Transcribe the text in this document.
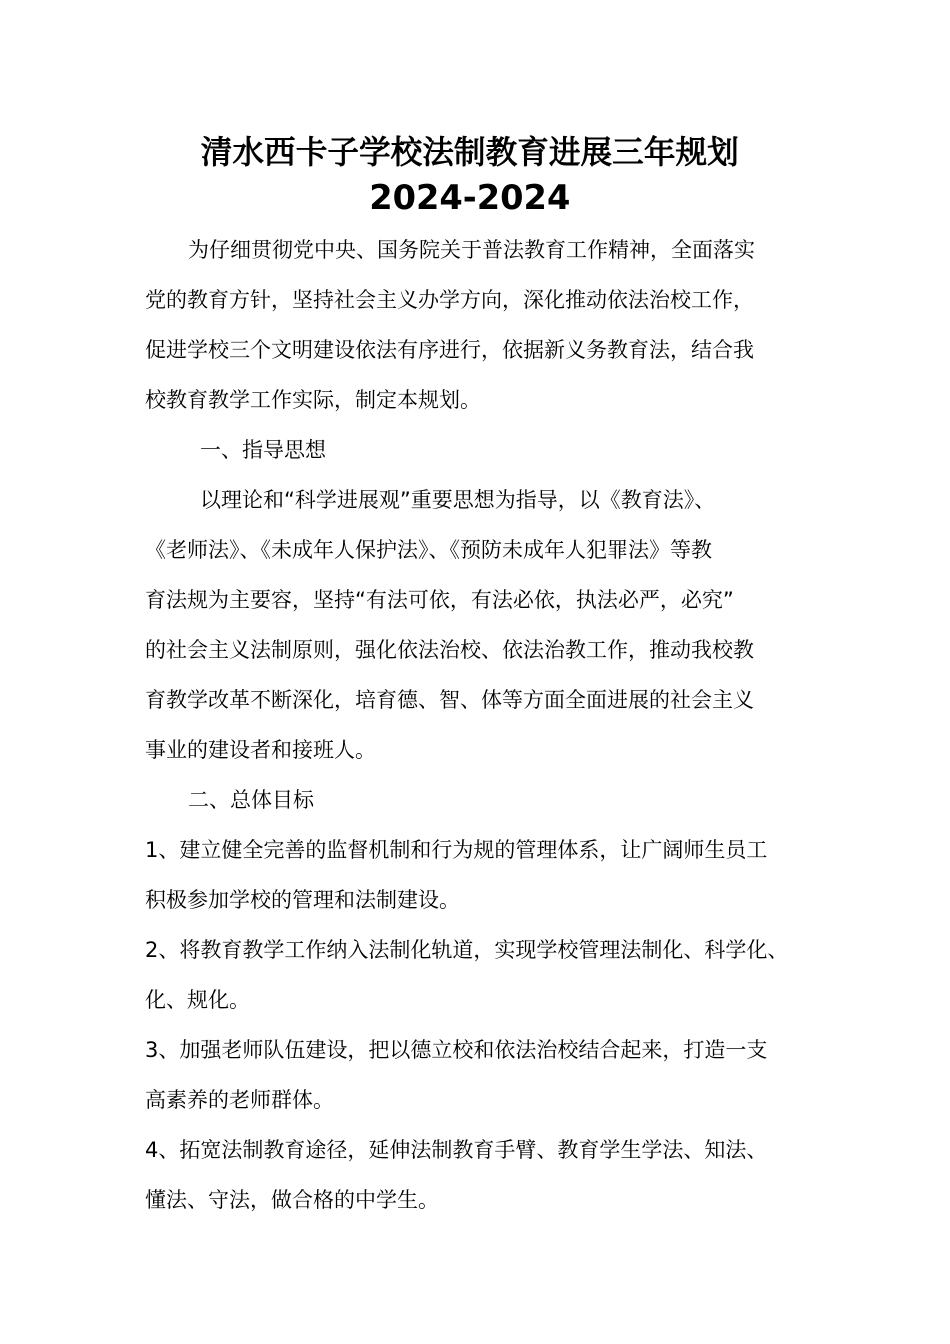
清水西卡子学校法制教育进展三年规划
2024-2024
为仔细贯彻党中央、国务院关于普法教育工作精神，全面落实
党的教育方针，坚持社会主义办学方向，深化推动依法治校工作，
促进学校三个文明建设依法有序进行，依据新义务教育法，结合我
校教育教学工作实际，制定本规划。
一、指导思想
以理论和“科学进展观”重要思想为指导，以《教育法》、
《老师法》、《未成年人保护法》、《预防未成年人犯罪法》等教
育法规为主要容，坚持“有法可依，有法必依，执法必严，必究”
的社会主义法制原则，强化依法治校、依法治教工作，推动我校教
育教学改革不断深化，培育德、智、体等方面全面进展的社会主义
事业的建设者和接班人。
二、总体目标
1、建立健全完善的监督机制和行为规的管理体系，让广阔师生员工
积极参加学校的管理和法制建设。
2、将教育教学工作纳入法制化轨道，实现学校管理法制化、科学化、
化、规化。
3、加强老师队伍建设，把以德立校和依法治校结合起来，打造一支
高素养的老师群体。
4、拓宽法制教育途径，延伸法制教育手臂、教育学生学法、知法、
懂法、守法，做合格的中学生。
